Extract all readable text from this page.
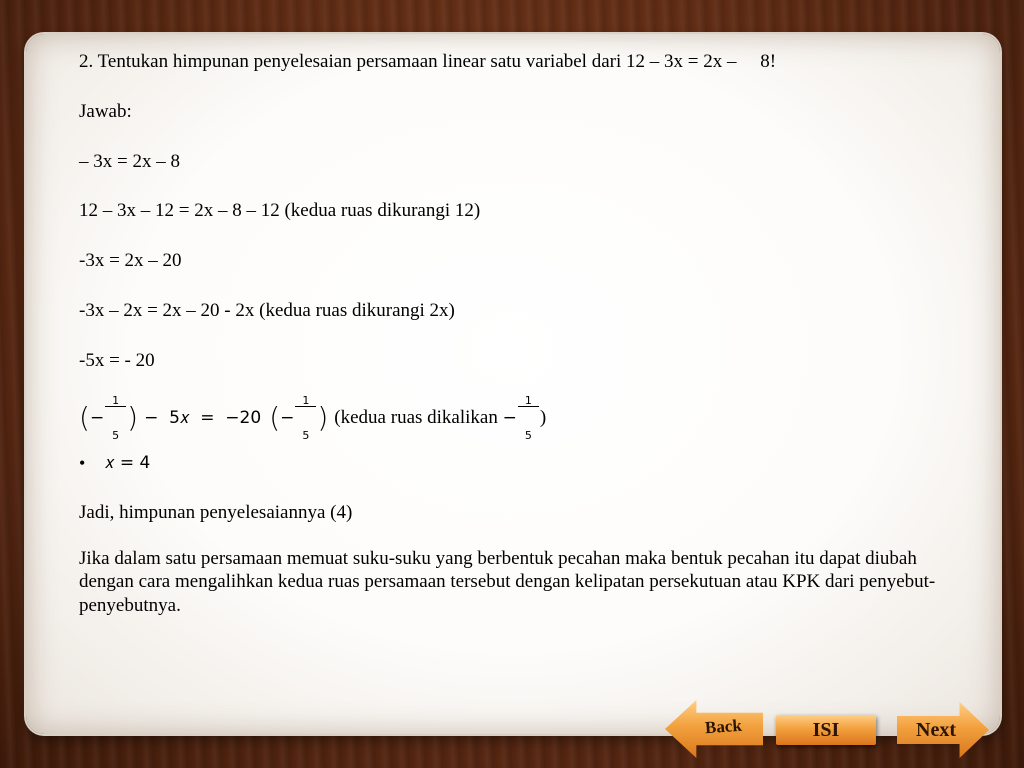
2. Tentukan himpunan penyelesaian persamaan linear satu variabel dari 12 – 3x = 2x –     8!
Jawab:
– 3x = 2x – 8
12 – 3x – 12 = 2x – 8 – 12 (kedua ruas dikurangi 12)
-3x = 2x – 20
-3x – 2x = 2x – 20 - 2x (kedua ruas dikurangi 2x)
-5x = - 20
( −

$\frac{1}{5}$

) −  5𝑥  =  −20 ( −

$\frac{1}{5}$

) (kedua ruas dikalikan −

$\frac{1}{5}$

)
•	𝑥 = 4
Jadi, himpunan penyelesaiannya (4)
Jika dalam satu persamaan memuat suku-suku yang berbentuk pecahan maka bentuk pecahan itu dapat diubah dengan cara mengalihkan kedua ruas persamaan tersebut dengan kelipatan persekutuan atau KPK dari penyebut-penyebutnya.
Back	ISI	Next
